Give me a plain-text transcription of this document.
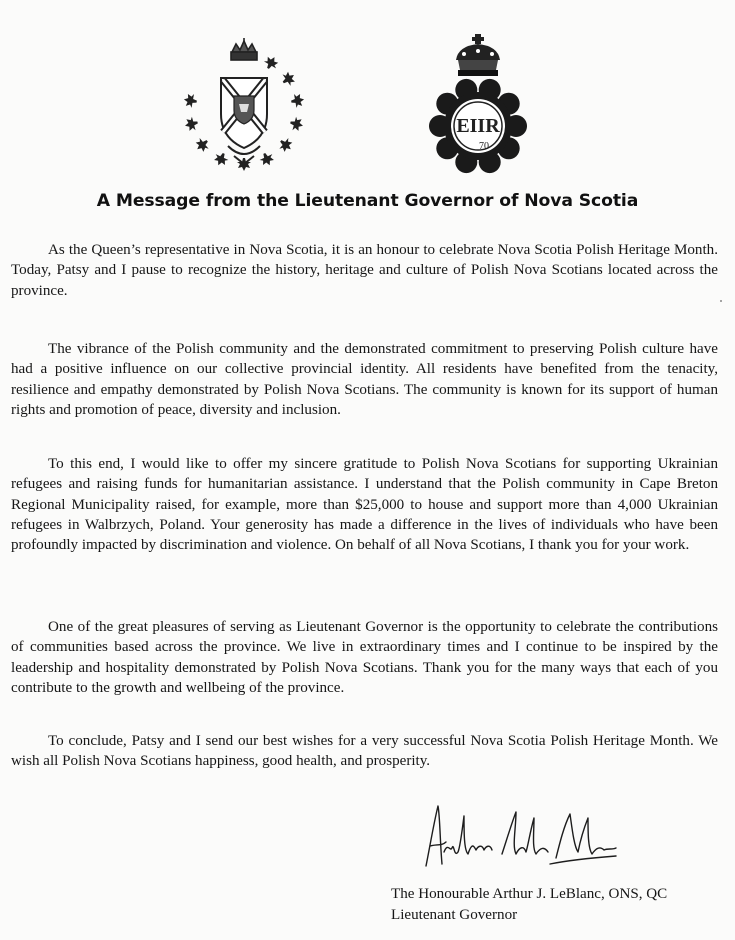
EIIR
70
A Message from the Lieutenant Governor of Nova Scotia
As the Queen’s representative in Nova Scotia, it is an honour to celebrate Nova Scotia Polish Heritage Month. Today, Patsy and I pause to recognize the history, heritage and culture of Polish Nova Scotians located across the province.
The vibrance of the Polish community and the demonstrated commitment to preserving Polish culture have had a positive influence on our collective provincial identity. All residents have benefited from the tenacity, resilience and empathy demonstrated by Polish Nova Scotians. The community is known for its support of human rights and promotion of peace, diversity and inclusion.
To this end, I would like to offer my sincere gratitude to Polish Nova Scotians for supporting Ukrainian refugees and raising funds for humanitarian assistance. I understand that the Polish community in Cape Breton Regional Municipality raised, for example, more than $25,000 to house and support more than 4,000 Ukrainian refugees in Walbrzych, Poland. Your generosity has made a difference in the lives of individuals who have been profoundly impacted by discrimination and violence. On behalf of all Nova Scotians, I thank you for your work.
One of the great pleasures of serving as Lieutenant Governor is the opportunity to celebrate the contributions of communities based across the province. We live in extraordinary times and I continue to be inspired by the leadership and hospitality demonstrated by Polish Nova Scotians. Thank you for the many ways that each of you contribute to the growth and wellbeing of the province.
To conclude, Patsy and I send our best wishes for a very successful Nova Scotia Polish Heritage Month. We wish all Polish Nova Scotians happiness, good health, and prosperity.
The Honourable Arthur J. LeBlanc, ONS, QC
Lieutenant Governor
